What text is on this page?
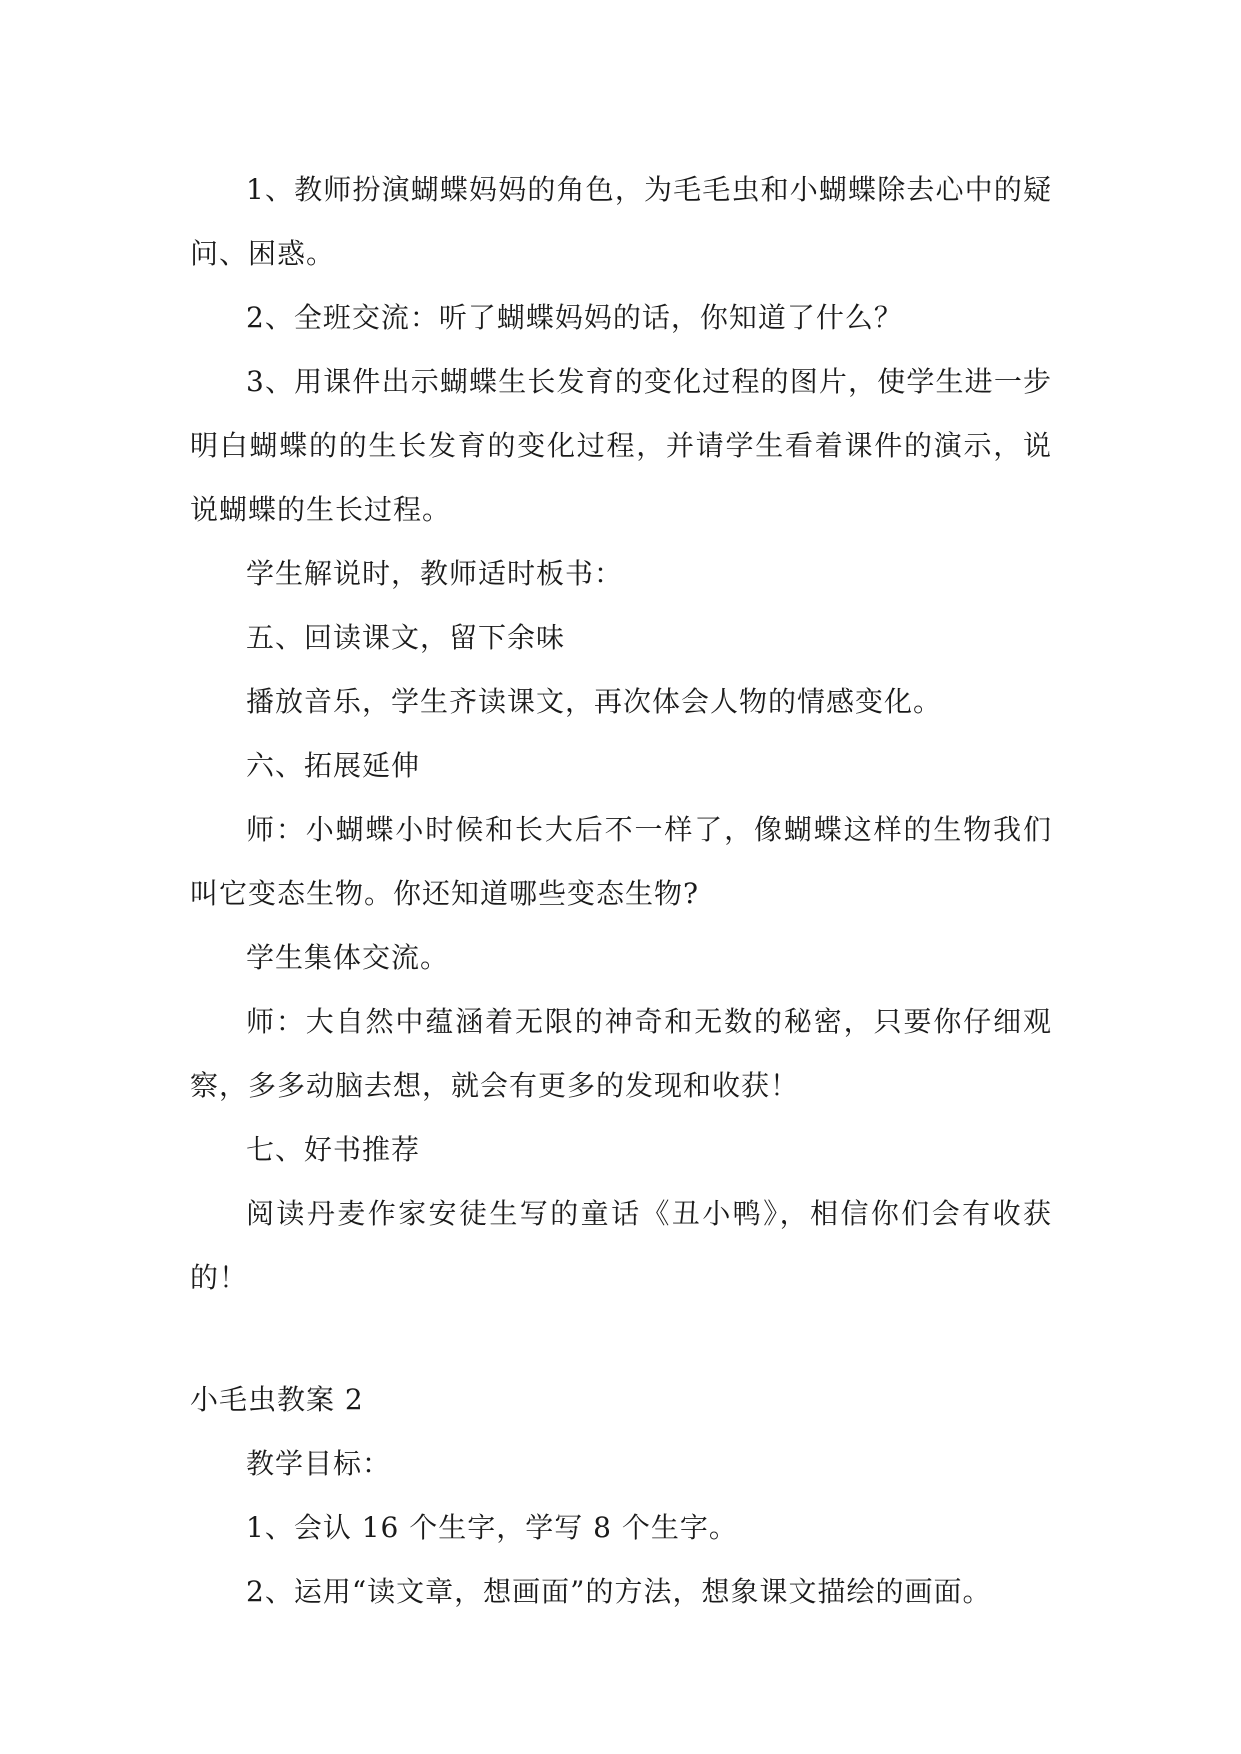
1、教师扮演蝴蝶妈妈的角色，为毛毛虫和小蝴蝶除去心中的疑问、困惑。

2、全班交流：听了蝴蝶妈妈的话，你知道了什么？

3、用课件出示蝴蝶生长发育的变化过程的图片，使学生进一步明白蝴蝶的的生长发育的变化过程，并请学生看着课件的演示，说说蝴蝶的生长过程。

学生解说时，教师适时板书：

五、回读课文，留下余味

播放音乐，学生齐读课文，再次体会人物的情感变化。

六、拓展延伸

师：小蝴蝶小时候和长大后不一样了，像蝴蝶这样的生物我们叫它变态生物。你还知道哪些变态生物?

学生集体交流。

师：大自然中蕴涵着无限的神奇和无数的秘密，只要你仔细观察，多多动脑去想，就会有更多的发现和收获！

七、好书推荐

阅读丹麦作家安徒生写的童话《丑小鸭》，相信你们会有收获的！

小毛虫教案 2

教学目标：

1、会认 16 个生字，学写 8 个生字。

2、运用“读文章，想画面”的方法，想象课文描绘的画面。
